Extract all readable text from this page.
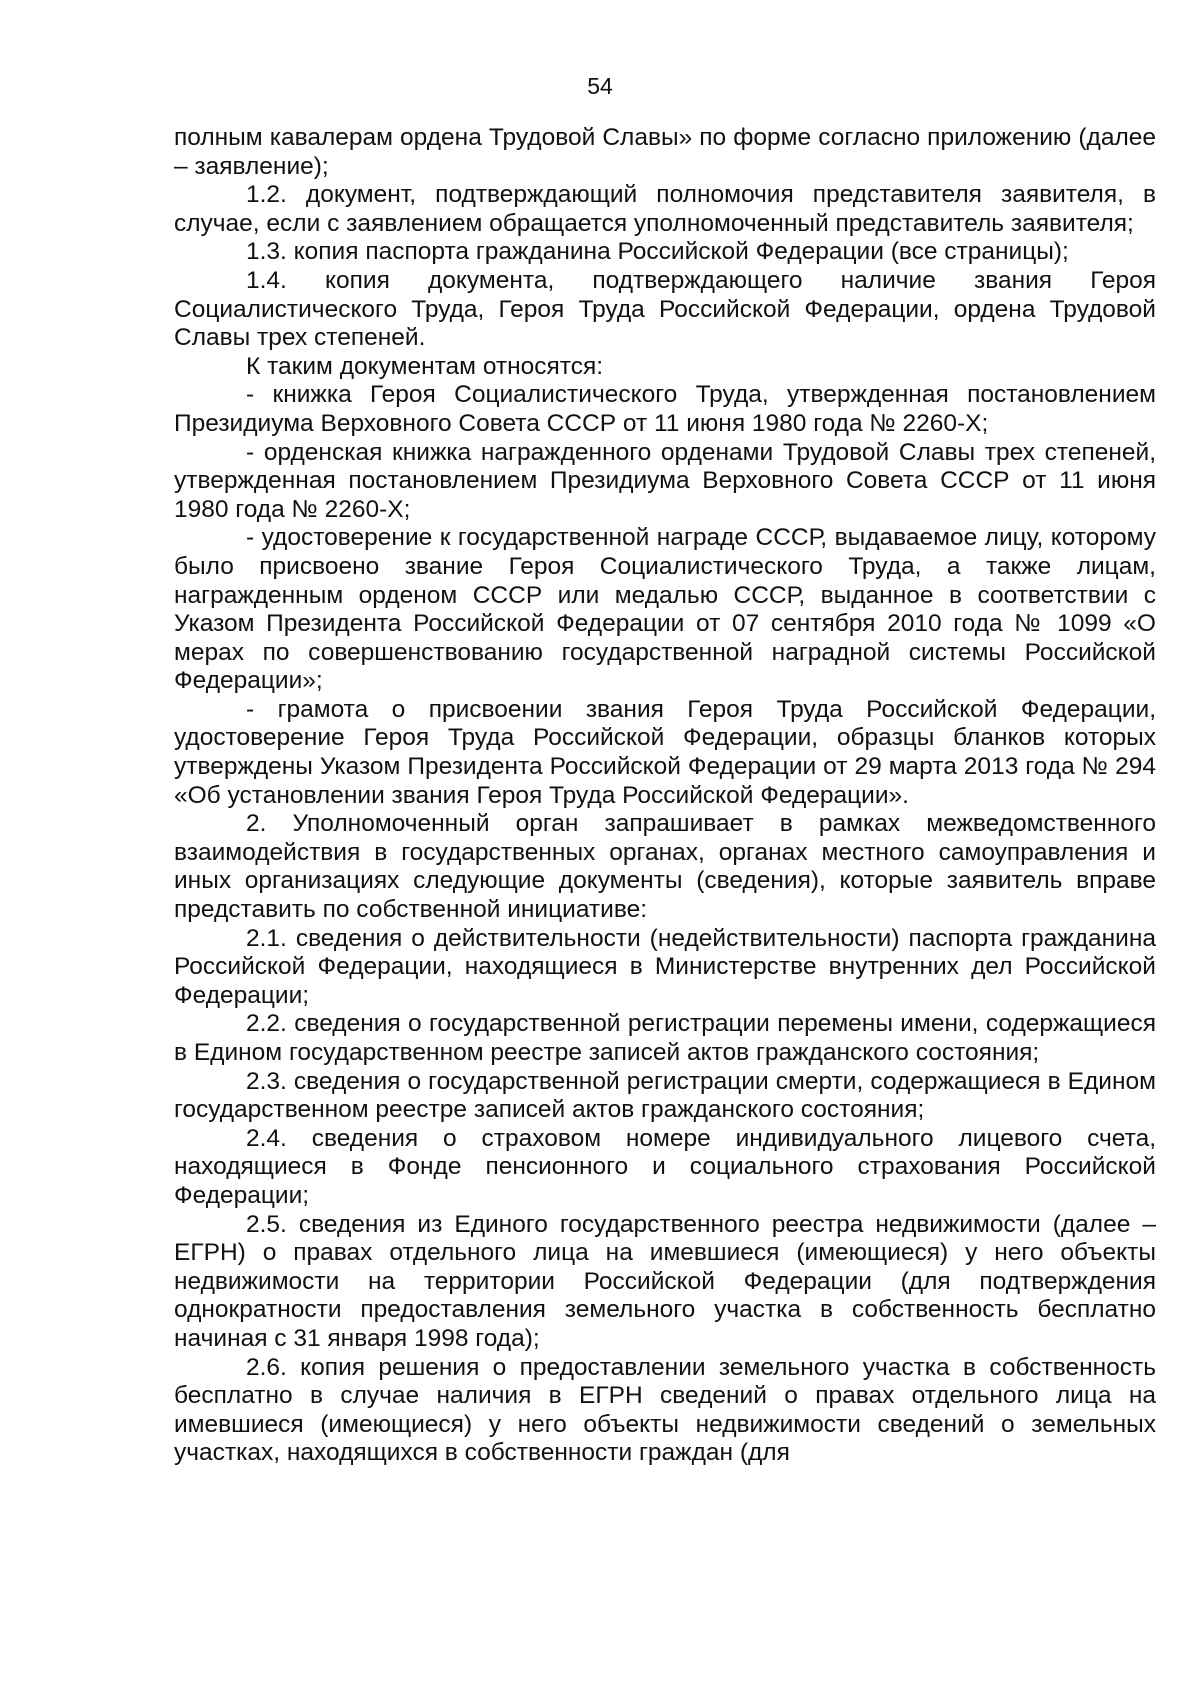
54

полным кавалерам ордена Трудовой Славы» по форме согласно приложению (далее – заявление);

1.2. документ, подтверждающий полномочия представителя заявителя, в случае, если с заявлением обращается уполномоченный представитель заявителя;

1.3. копия паспорта гражданина Российской Федерации (все страницы);

1.4. копия документа, подтверждающего наличие звания Героя Социалистического Труда, Героя Труда Российской Федерации, ордена Трудовой Славы трех степеней.

К таким документам относятся:

- книжка Героя Социалистического Труда, утвержденная постановлением Президиума Верховного Совета СССР от 11 июня 1980 года № 2260-Х;

- орденская книжка награжденного орденами Трудовой Славы трех степеней, утвержденная постановлением Президиума Верховного Совета СССР от 11 июня 1980 года № 2260-Х;

- удостоверение к государственной награде СССР, выдаваемое лицу, которому было присвоено звание Героя Социалистического Труда, а также лицам, награжденным орденом СССР или медалью СССР, выданное в соответствии с Указом Президента Российской Федерации от 07 сентября 2010 года № 1099 «О мерах по совершенствованию государственной наградной системы Российской Федерации»;

- грамота о присвоении звания Героя Труда Российской Федерации, удостоверение Героя Труда Российской Федерации, образцы бланков которых утверждены Указом Президента Российской Федерации от 29 марта 2013 года № 294 «Об установлении звания Героя Труда Российской Федерации».

2. Уполномоченный орган запрашивает в рамках межведомственного взаимодействия в государственных органах, органах местного самоуправления и иных организациях следующие документы (сведения), которые заявитель вправе представить по собственной инициативе:

2.1. сведения о действительности (недействительности) паспорта гражданина Российской Федерации, находящиеся в Министерстве внутренних дел Российской Федерации;

2.2. сведения о государственной регистрации перемены имени, содержащиеся в Едином государственном реестре записей актов гражданского состояния;

2.3. сведения о государственной регистрации смерти, содержащиеся в Едином государственном реестре записей актов гражданского состояния;

2.4. сведения о страховом номере индивидуального лицевого счета, находящиеся в Фонде пенсионного и социального страхования Российской Федерации;

2.5. сведения из Единого государственного реестра недвижимости (далее – ЕГРН) о правах отдельного лица на имевшиеся (имеющиеся) у него объекты недвижимости на территории Российской Федерации (для подтверждения однократности предоставления земельного участка в собственность бесплатно начиная с 31 января 1998 года);

2.6. копия решения о предоставлении земельного участка в собственность бесплатно в случае наличия в ЕГРН сведений о правах отдельного лица на имевшиеся (имеющиеся) у него объекты недвижимости сведений о земельных участках, находящихся в собственности граждан (для
